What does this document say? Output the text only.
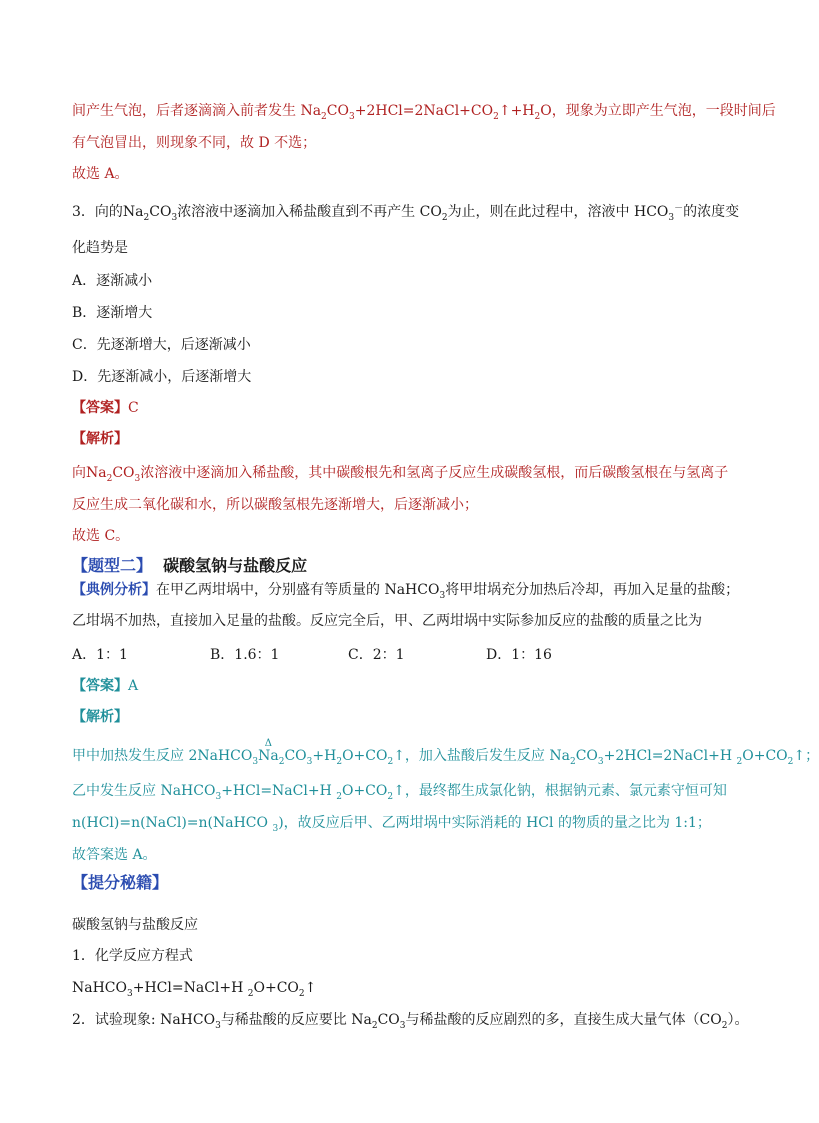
间产生气泡，后者逐滴滴入前者发生 $Na_2CO_3+2HCl=2NaCl+CO_2↑+H_2O$，现象为立即产生气泡，一段时间后
有气泡冒出，则现象不同，故 D 不选；
故选 A。
3．向的$Na_2CO_3$浓溶液中逐滴加入稀盐酸直到不再产生 $CO_2$为止，则在此过程中，溶液中 $HCO_3^-$的浓度变
化趋势是
A．逐渐减小
B．逐渐增大
C．先逐渐增大，后逐渐减小
D．先逐渐减小，后逐渐增大
【答案】C
【解析】
向$Na_2CO_3$浓溶液中逐滴加入稀盐酸，其中碳酸根先和氢离子反应生成碳酸氢根，而后碳酸氢根在与氢离子
反应生成二氧化碳和水，所以碳酸氢根先逐渐增大，后逐渐减小；
故选 C。
【题型二】 碳酸氢钠与盐酸反应
【典例分析】在甲乙两坩埚中，分别盛有等质量的 NaHCO$_3$将甲坩埚充分加热后冷却，再加入足量的盐酸；
乙坩埚不加热，直接加入足量的盐酸。反应完全后，甲、乙两坩埚中实际参加反应的盐酸的质量之比为
A．1：1	B．1.6：1	C．2：1	D．1：16
【答案】A
【解析】
甲中加热发生反应 2NaHCO$_3$
Δ
$Na_2CO_3+H_2O+CO_2↑$，加入盐酸后发生反应 $Na_2CO_3+2HCl=2NaCl+H$ $_2O+CO_2↑$；
乙中发生反应 NaHCO$_3$+HCl=NaCl+H $_2O+CO_2↑$，最终都生成氯化钠，根据钠元素、氯元素守恒可知
n(HCl)=n(NaCl)=n(NaHCO $_3$)，故反应后甲、乙两坩埚中实际消耗的 HCl 的物质的量之比为 1:1；
故答案选 A。
【提分秘籍】
碳酸氢钠与盐酸反应
1．化学反应方程式
NaHCO$_3$+HCl=NaCl+H $_2O+CO_2↑$
2．试验现象: NaHCO$_3$与稀盐酸的反应要比 $Na_2CO_3$与稀盐酸的反应剧烈的多，直接生成大量气体$(CO_2)$。
